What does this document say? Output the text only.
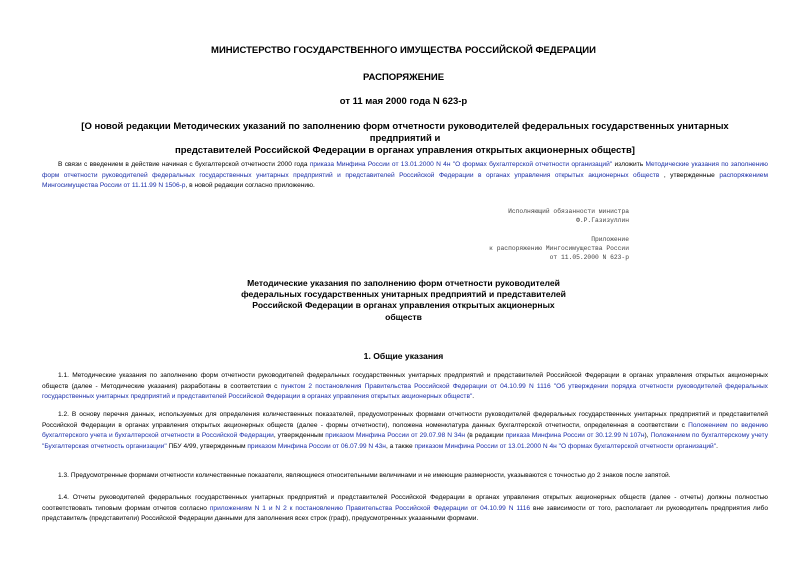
МИНИСТЕРСТВО ГОСУДАРСТВЕННОГО ИМУЩЕСТВА РОССИЙСКОЙ ФЕДЕРАЦИИ
РАСПОРЯЖЕНИЕ
от 11 мая 2000 года N 623-р
[О новой редакции Методических указаний по заполнению форм отчетности руководителей федеральных государственных унитарных предприятий и
представителей Российской Федерации в органах управления открытых акционерных обществ]
В связи с введением в действие начиная с бухгалтерской отчетности 2000 года приказа Минфина России от 13.01.2000 N 4н "О формах бухгалтерской отчетности организаций" изложить Методические указания по заполнению форм отчетности руководителей федеральных государственных унитарных предприятий и представителей Российской Федерации в органах управления открытых акционерных обществ , утвержденные распоряжением Мингосимущества России от 11.11.99 N 1506-р, в новой редакции согласно приложению.
Исполняющий обязанности министра
Ф.Р.Газизуллин
Приложение
к распоряжению Мингосимущества России
от 11.05.2000 N 623-р
Методические указания по заполнению форм отчетности руководителей
федеральных государственных унитарных предприятий и представителей
Российской Федерации в органах управления открытых акционерных
обществ
1. Общие указания
1.1. Методические указания по заполнению форм отчетности руководителей федеральных государственных унитарных предприятий и представителей Российской Федерации в органах управления открытых акционерных обществ (далее - Методические указания) разработаны в соответствии с пунктом 2 постановления Правительства Российской Федерации от 04.10.99 N 1116 "Об утверждении порядка отчетности руководителей федеральных государственных унитарных предприятий и представителей Российской Федерации в органах управления открытых акционерных обществ".
1.2. В основу перечня данных, используемых для определения количественных показателей, предусмотренных формами отчетности руководителей федеральных государственных унитарных предприятий и представителей Российской Федерации в органах управления открытых акционерных обществ (далее - формы отчетности), положена номенклатура данных бухгалтерской отчетности, определенная в соответствии с Положением по ведению бухгалтерского учета и бухгалтерской отчетности в Российской Федерации, утвержденным приказом Минфина России от 29.07.98 N 34н (в редакции приказа Минфина России от 30.12.99 N 107н), Положением по бухгалтерскому учету "Бухгалтерская отчетность организации" ПБУ 4/99, утвержденным приказом Минфина России от 06.07.99 N 43н, а также приказом Минфина России от 13.01.2000 N 4н "О формах бухгалтерской отчетности организаций".
1.3. Предусмотренные формами отчетности количественные показатели, являющиеся относительными величинами и не имеющие размерности, указываются с точностью до 2 знаков после запятой.
1.4. Отчеты руководителей федеральных государственных унитарных предприятий и представителей Российской Федерации в органах управления открытых акционерных обществ (далее - отчеты) должны полностью соответствовать типовым формам отчетов согласно приложениям N 1 и N 2 к постановлению Правительства Российской Федерации от 04.10.99 N 1116 вне зависимости от того, располагает ли руководитель предприятия либо представитель (представители) Российской Федерации данными для заполнения всех строк (граф), предусмотренных указанными формами.
